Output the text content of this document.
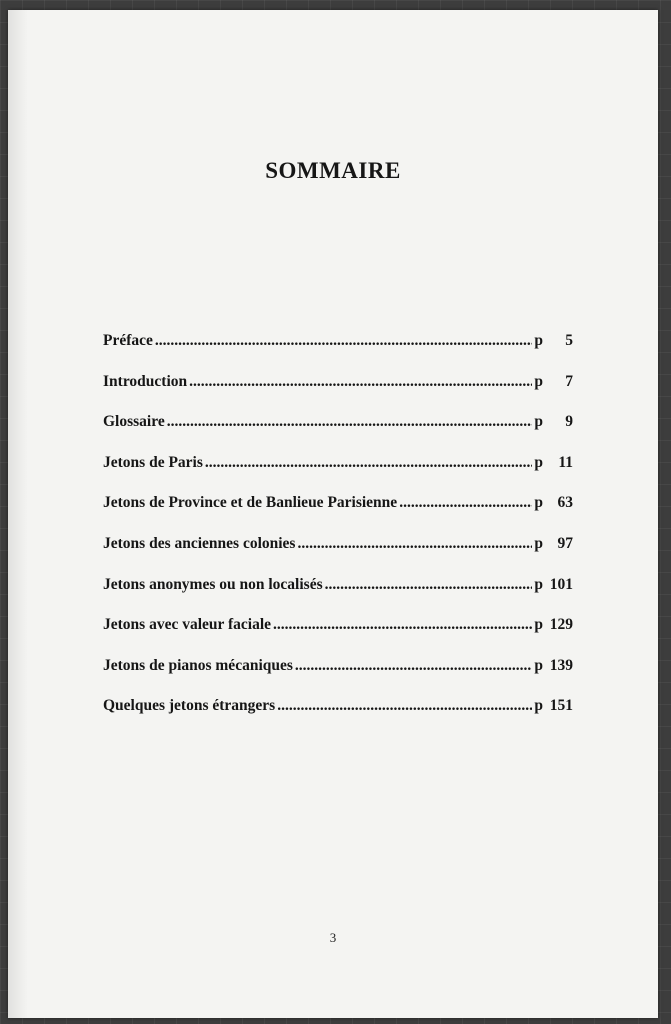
SOMMAIRE
Préface .....	p 5
Introduction .....	p 7
Glossaire .....	p 9
Jetons de Paris .....	p 11
Jetons de Province et de Banlieue Parisienne .....	p 63
Jetons des anciennes colonies .....	p 97
Jetons anonymes ou non localisés .....	p 101
Jetons avec valeur faciale .....	p 129
Jetons de pianos mécaniques .....	p 139
Quelques jetons étrangers .....	p 151
3
